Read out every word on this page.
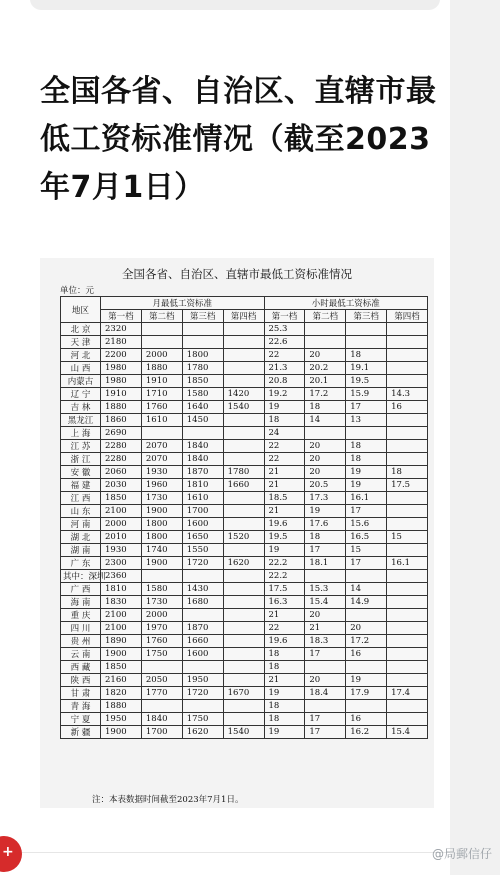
全国各省、自治区、直辖市最低工资标准情况（截至2023年7月1日）
全国各省、自治区、直辖市最低工资标准情况
单位：元
地区	月最低工资标准				小时最低工资标准			
	第一档	第二档	第三档	第四档	第一档	第二档	第三档	第四档
北 京	2320				25.3			
天 津	2180				22.6			
河 北	2200	2000	1800		22	20	18	
山 西	1980	1880	1780		21.3	20.2	19.1	
内蒙古	1980	1910	1850		20.8	20.1	19.5	
辽 宁	1910	1710	1580	1420	19.2	17.2	15.9	14.3
吉 林	1880	1760	1640	1540	19	18	17	16
黑龙江	1860	1610	1450		18	14	13	
上 海	2690				24			
江 苏	2280	2070	1840		22	20	18	
浙 江	2280	2070	1840		22	20	18	
安 徽	2060	1930	1870	1780	21	20	19	18
福 建	2030	1960	1810	1660	21	20.5	19	17.5
江 西	1850	1730	1610		18.5	17.3	16.1	
山 东	2100	1900	1700		21	19	17	
河 南	2000	1800	1600		19.6	17.6	15.6	
湖 北	2010	1800	1650	1520	19.5	18	16.5	15
湖 南	1930	1740	1550		19	17	15	
广 东	2300	1900	1720	1620	22.2	18.1	17	16.1
其中：深圳	2360				22.2			
广 西	1810	1580	1430		17.5	15.3	14	
海 南	1830	1730	1680		16.3	15.4	14.9	
重 庆	2100	2000			21	20		
四 川	2100	1970	1870		22	21	20	
贵 州	1890	1760	1660		19.6	18.3	17.2	
云 南	1900	1750	1600		18	17	16	
西 藏	1850				18			
陕 西	2160	2050	1950		21	20	19	
甘 肃	1820	1770	1720	1670	19	18.4	17.9	17.4
青 海	1880				18			
宁 夏	1950	1840	1750		18	17	16	
新 疆	1900	1700	1620	1540	19	17	16.2	15.4
注：本表数据时间截至2023年7月1日。
+	@局郵信仔
